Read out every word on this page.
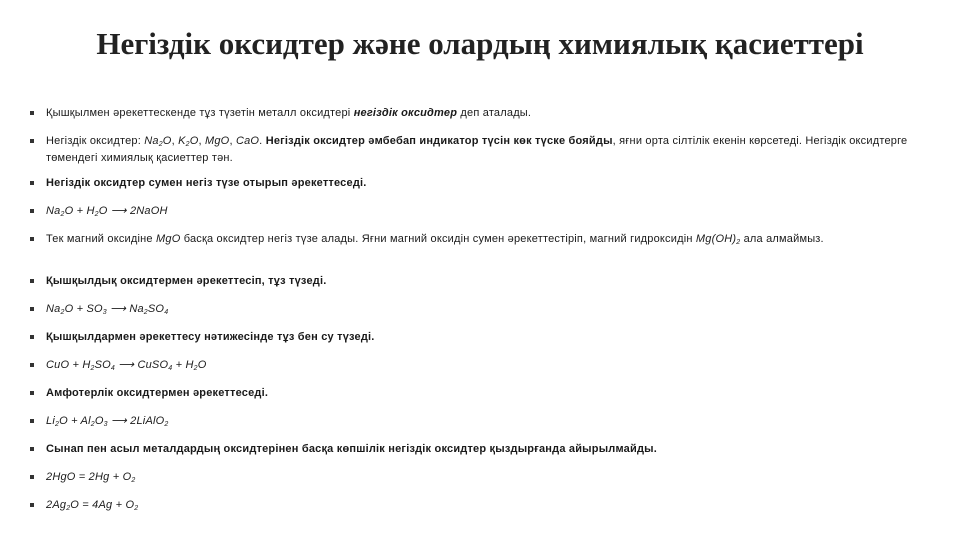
Негіздік оксидтер және олардың химиялық қасиеттері
Қышқылмен әрекеттескенде тұз түзетін металл оксидтері негіздік оксидтер деп аталады.
Негіздік оксидтер: $Na_2O$, $K_2O$, MgO, CaO. Негіздік оксидтер әмбебап индикатор түсін көк түске бояйды, яғни орта сілтілік екенін көрсетеді. Негіздік оксидтерге төмендегі химиялық қасиеттер тән.
Негіздік оксидтер сумен негіз түзе отырып әрекеттеседі.
$Na_2O + H_2O$ ⟶ 2NaOH
Тек магний оксидіне MgO басқа оксидтер негіз түзе алады. Яғни магний оксидін сумен әрекеттестіріп, магний гидроксидін $Mg(OH)_2$ ала алмаймыз.
Қышқылдық оксидтермен әрекеттесіп, тұз түзеді.
$Na_2O + SO_3$ ⟶ $Na_2SO_4$
Қышқылдармен әрекеттесу нәтижесінде тұз бен су түзеді.
CuO + $H_2SO_4$ ⟶ CuSO$_4$ + $H_2O$
Амфотерлік оксидтермен әрекеттеседі.
$Li_2O + Al_2O_3$ ⟶ 2LiAlO$_2$
Сынап пен асыл металдардың оксидтерінен басқа көпшілік негіздік оксидтер қыздырғанда айырылмайды.
$2HgO = 2Hg + O_2$
$2Ag_2O = 4Ag + O_2$
